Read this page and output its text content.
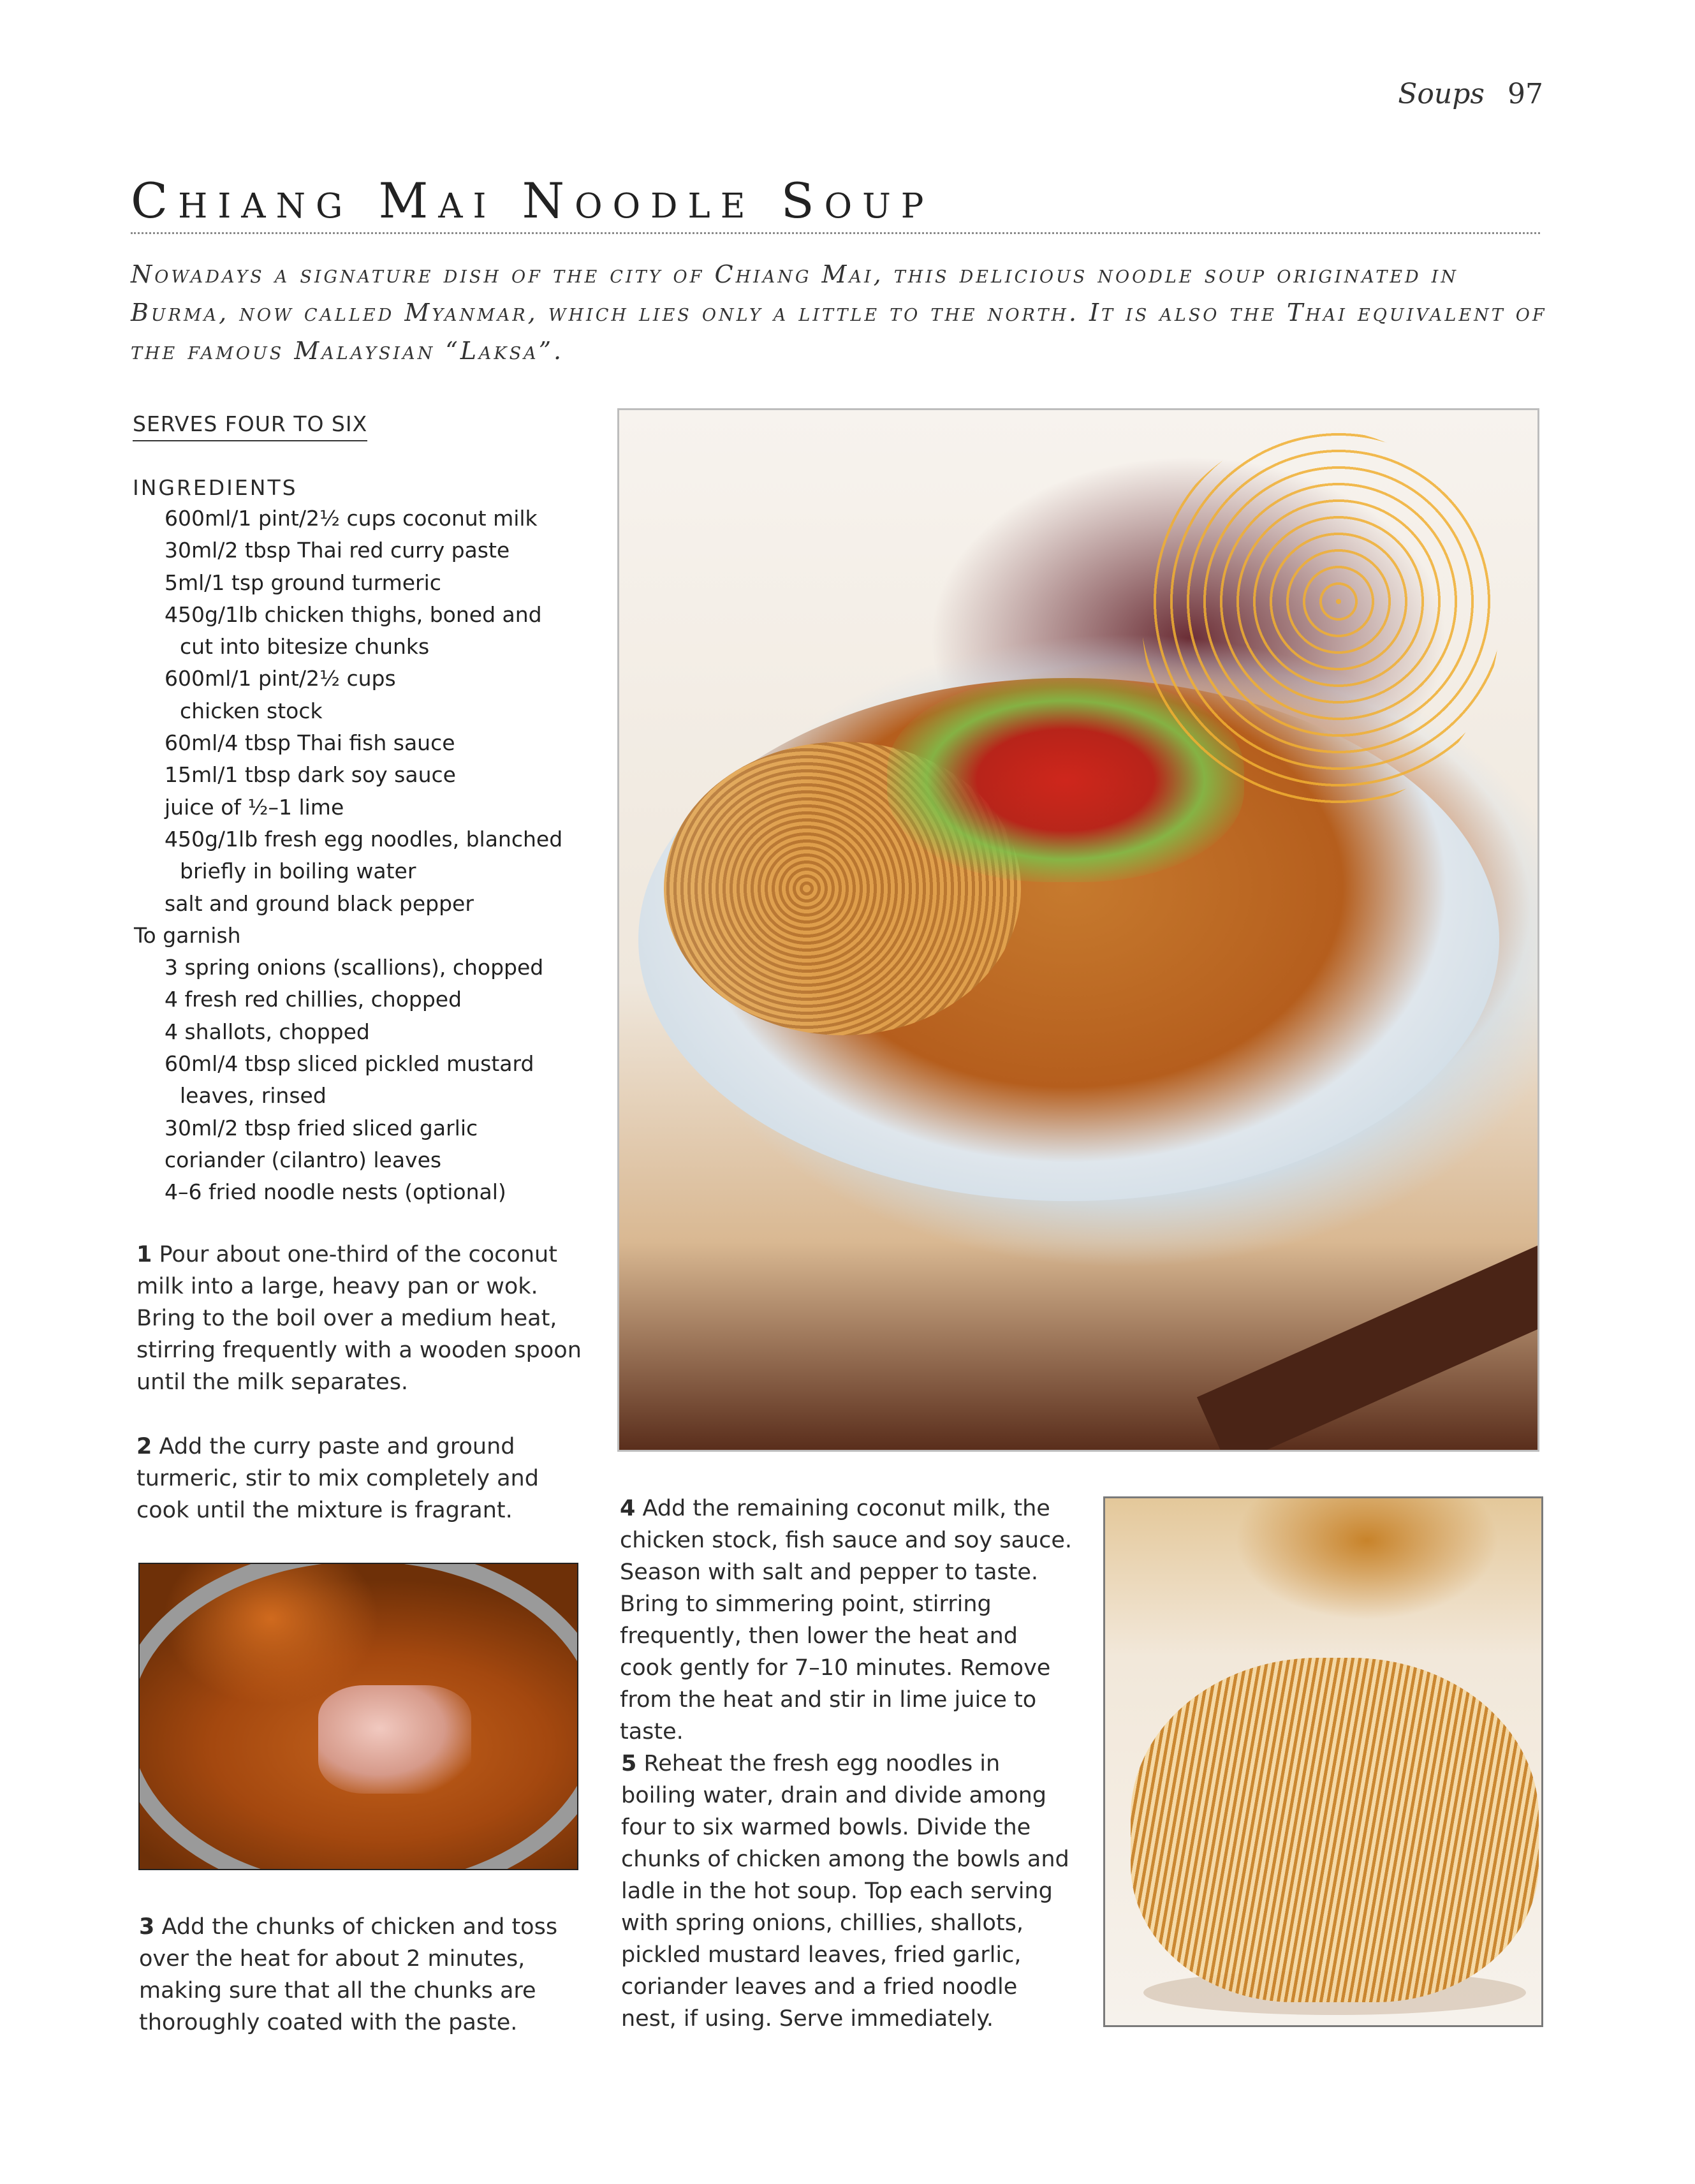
Soups 97
Chiang Mai Noodle Soup
Nowadays a signature dish of the city of Chiang Mai, this delicious noodle soup originated in Burma, now called Myanmar, which lies only a little to the north. It is also the Thai equivalent of the famous Malaysian “Laksa”.
SERVES FOUR TO SIX
INGREDIENTS
600ml/1 pint/2½ cups coconut milk
30ml/2 tbsp Thai red curry paste
5ml/1 tsp ground turmeric
450g/1lb chicken thighs, boned and
cut into bitesize chunks
600ml/1 pint/2½ cups
chicken stock
60ml/4 tbsp Thai fish sauce
15ml/1 tbsp dark soy sauce
juice of ½–1 lime
450g/1lb fresh egg noodles, blanched
briefly in boiling water
salt and ground black pepper
To garnish
3 spring onions (scallions), chopped
4 fresh red chillies, chopped
4 shallots, chopped
60ml/4 tbsp sliced pickled mustard
leaves, rinsed
30ml/2 tbsp fried sliced garlic
coriander (cilantro) leaves
4–6 fried noodle nests (optional)
1 Pour about one-third of the coconut milk into a large, heavy pan or wok. Bring to the boil over a medium heat, stirring frequently with a wooden spoon until the milk separates.
2 Add the curry paste and ground turmeric, stir to mix completely and cook until the mixture is fragrant.
3 Add the chunks of chicken and toss over the heat for about 2 minutes, making sure that all the chunks are thoroughly coated with the paste.
4 Add the remaining coconut milk, the chicken stock, fish sauce and soy sauce. Season with salt and pepper to taste. Bring to simmering point, stirring frequently, then lower the heat and cook gently for 7–10 minutes. Remove from the heat and stir in lime juice to taste.
5 Reheat the fresh egg noodles in boiling water, drain and divide among four to six warmed bowls. Divide the chunks of chicken among the bowls and ladle in the hot soup. Top each serving with spring onions, chillies, shallots, pickled mustard leaves, fried garlic, coriander leaves and a fried noodle nest, if using. Serve immediately.
